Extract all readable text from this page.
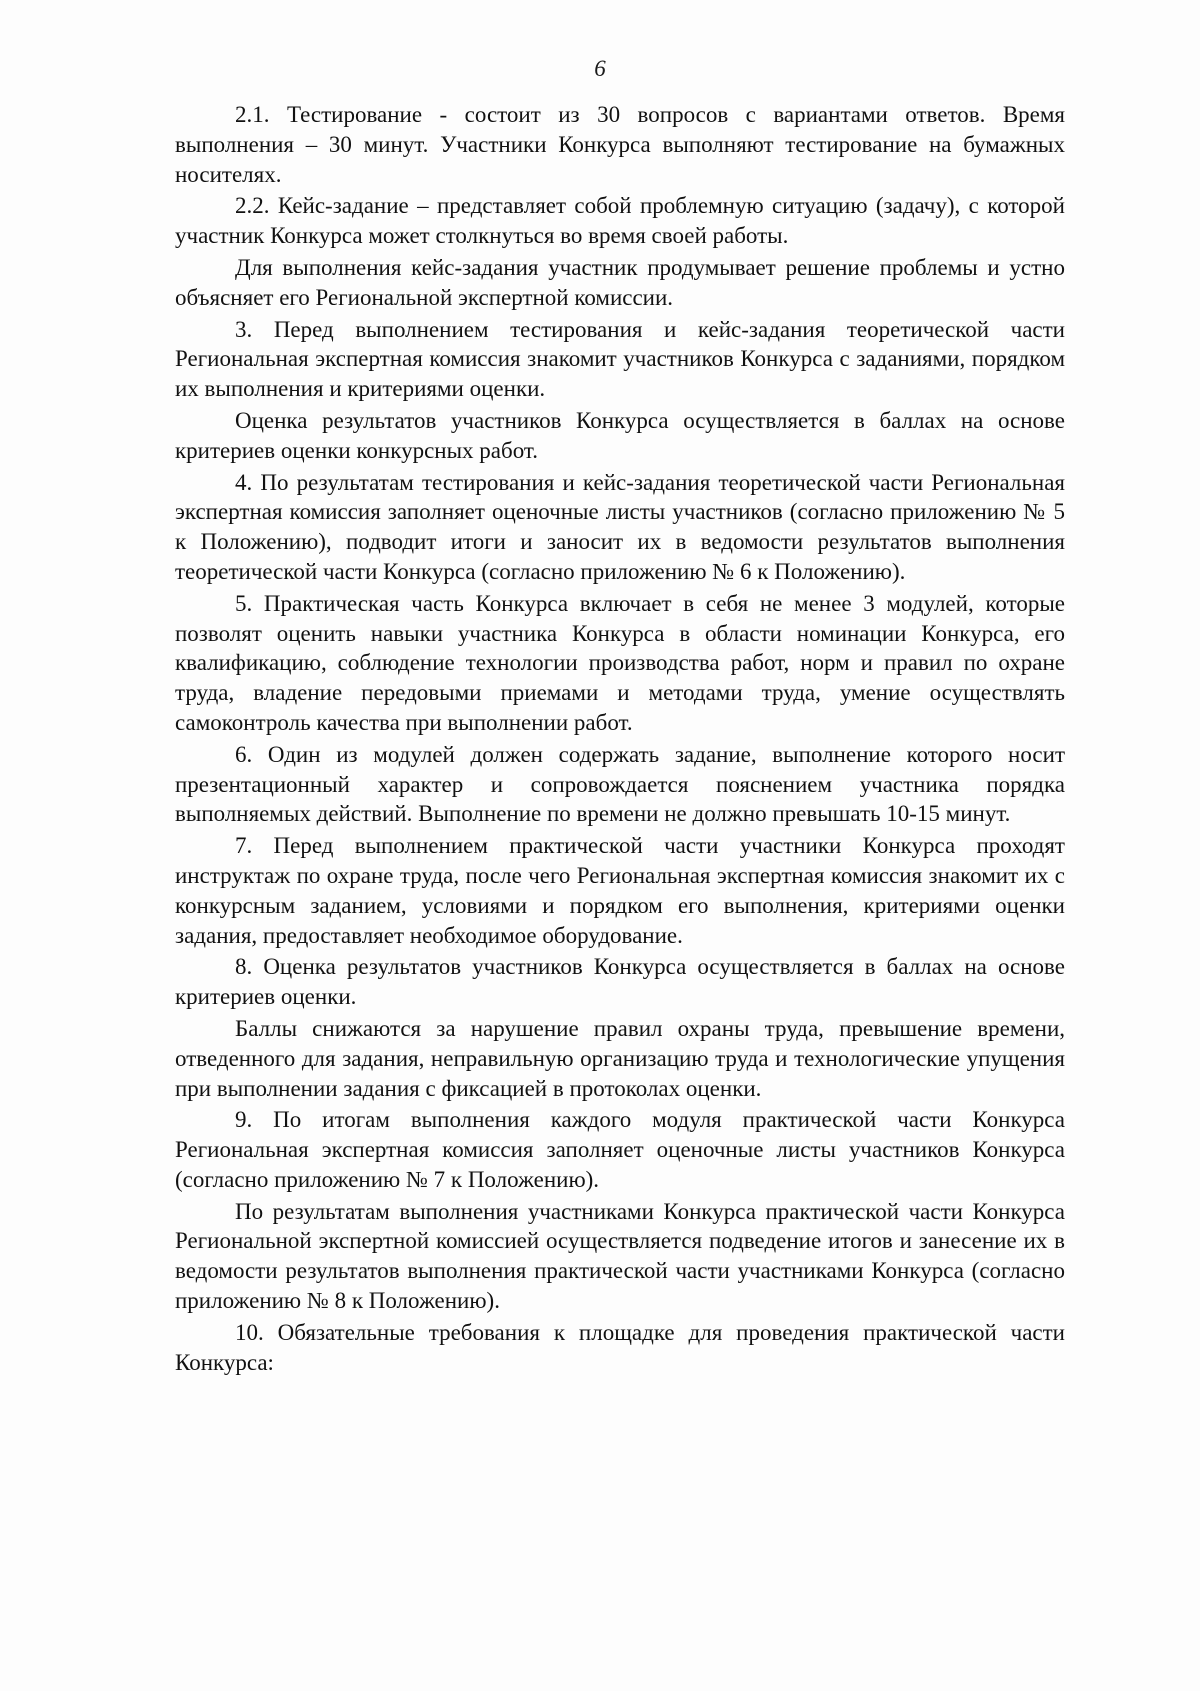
6

2.1. Тестирование - состоит из 30 вопросов с вариантами ответов. Время выполнения – 30 минут. Участники Конкурса выполняют тестирование на бумажных носителях.

2.2. Кейс-задание – представляет собой проблемную ситуацию (задачу), с которой участник Конкурса может столкнуться во время своей работы.

Для выполнения кейс-задания участник продумывает решение проблемы и устно объясняет его Региональной экспертной комиссии.

3. Перед выполнением тестирования и кейс-задания теоретической части Региональная экспертная комиссия знакомит участников Конкурса с заданиями, порядком их выполнения и критериями оценки.

Оценка результатов участников Конкурса осуществляется в баллах на основе критериев оценки конкурсных работ.

4. По результатам тестирования и кейс-задания теоретической части Региональная экспертная комиссия заполняет оценочные листы участников (согласно приложению № 5 к Положению), подводит итоги и заносит их в ведомости результатов выполнения теоретической части Конкурса (согласно приложению № 6 к Положению).

5. Практическая часть Конкурса включает в себя не менее 3 модулей, которые позволят оценить навыки участника Конкурса в области номинации Конкурса, его квалификацию, соблюдение технологии производства работ, норм и правил по охране труда, владение передовыми приемами и методами труда, умение осуществлять самоконтроль качества при выполнении работ.

6. Один из модулей должен содержать задание, выполнение которого носит презентационный характер и сопровождается пояснением участника порядка выполняемых действий. Выполнение по времени не должно превышать 10-15 минут.

7. Перед выполнением практической части участники Конкурса проходят инструктаж по охране труда, после чего Региональная экспертная комиссия знакомит их с конкурсным заданием, условиями и порядком его выполнения, критериями оценки задания, предоставляет необходимое оборудование.

8. Оценка результатов участников Конкурса осуществляется в баллах на основе критериев оценки.

Баллы снижаются за нарушение правил охраны труда, превышение времени, отведенного для задания, неправильную организацию труда и технологические упущения при выполнении задания с фиксацией в протоколах оценки.

9. По итогам выполнения каждого модуля практической части Конкурса Региональная экспертная комиссия заполняет оценочные листы участников Конкурса (согласно приложению № 7 к Положению).

По результатам выполнения участниками Конкурса практической части Конкурса Региональной экспертной комиссией осуществляется подведение итогов и занесение их в ведомости результатов выполнения практической части участниками Конкурса (согласно приложению № 8 к Положению).

10. Обязательные требования к площадке для проведения практической части Конкурса:
